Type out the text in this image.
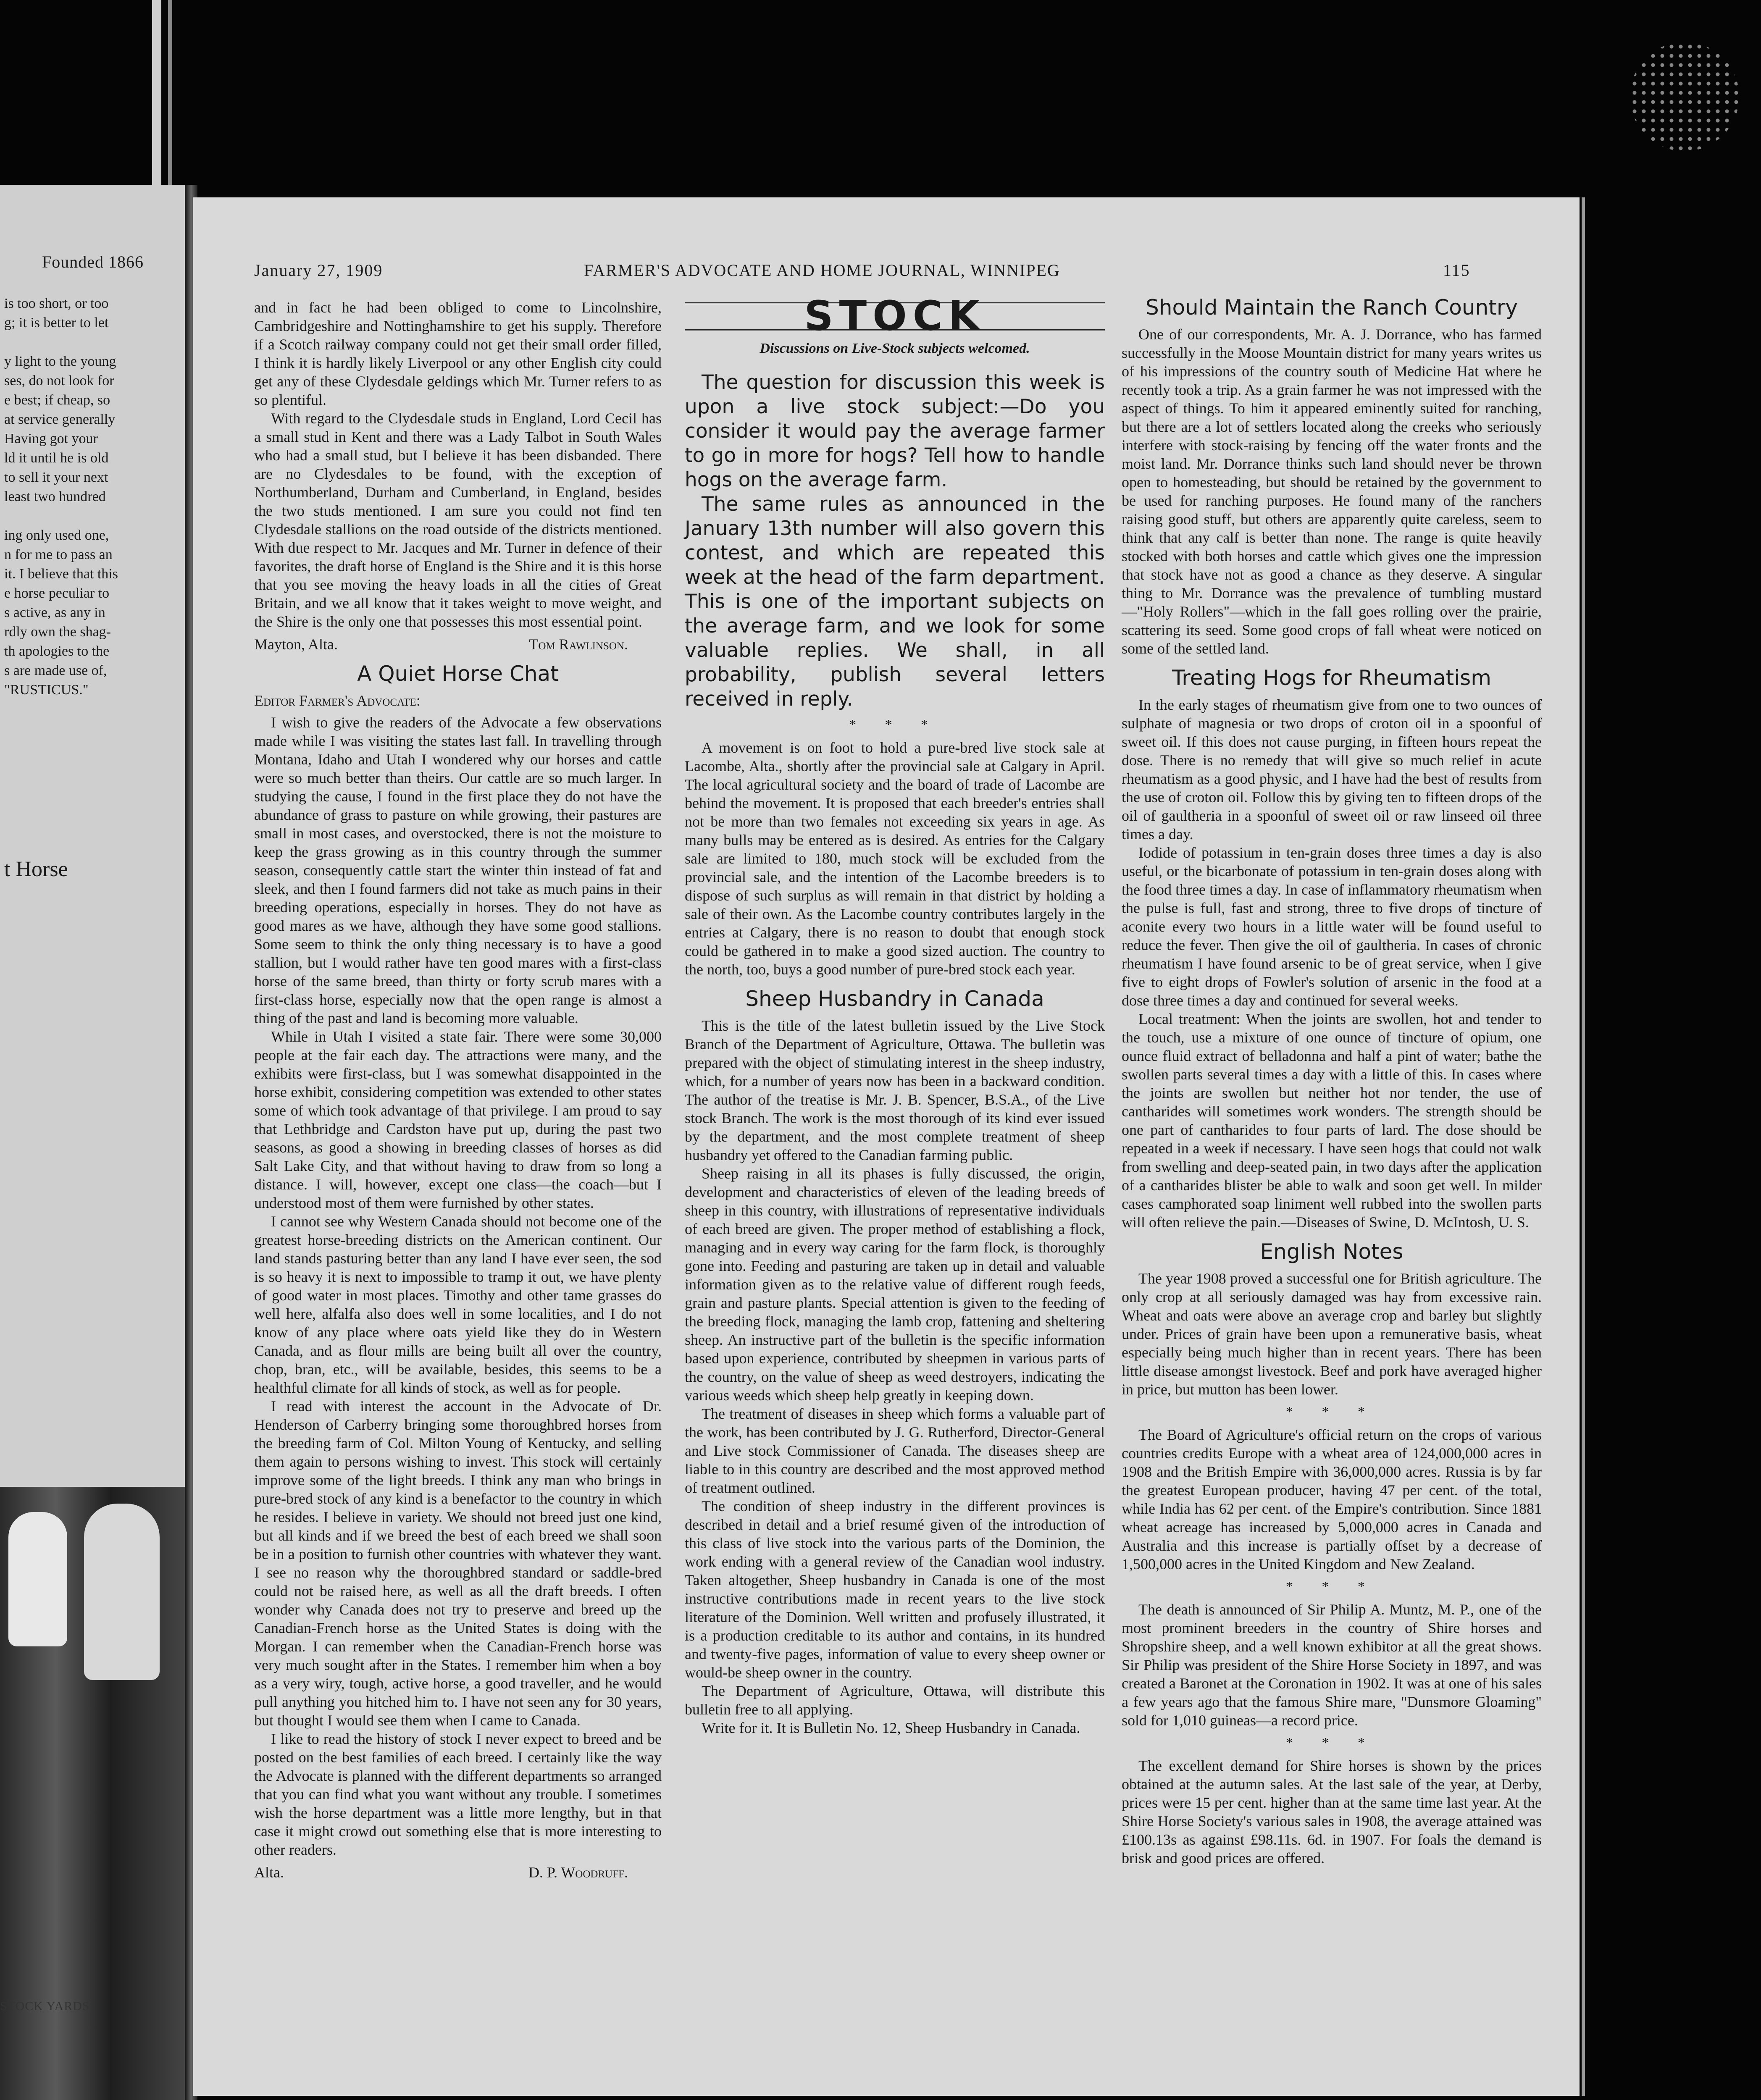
Founded 1866
is too short, or too
g; it is better to let

y light to the young
ses, do not look for
e best; if cheap, so
at service generally
Having got your
ld it until he is old
to sell it your next
least two hundred

ing only used one,
n for me to pass an
it. I believe that this
e horse peculiar to
s active, as any in
rdly own the shag-
th apologies to the
s are made use of,
"RUSTICUS."
t Horse
STOCK YARDS
January 27, 1909	FARMER'S ADVOCATE AND HOME JOURNAL, WINNIPEG	115

and in fact he had been obliged to come to Lincolnshire, Cambridgeshire and Nottinghamshire to get his supply. Therefore if a Scotch railway company could not get their small order filled, I think it is hardly likely Liverpool or any other English city could get any of these Clydesdale geldings which Mr. Turner refers to as so plentiful.

With regard to the Clydesdale studs in England, Lord Cecil has a small stud in Kent and there was a Lady Talbot in South Wales who had a small stud, but I believe it has been disbanded. There are no Clydesdales to be found, with the exception of Northumberland, Durham and Cumberland, in England, besides the two studs mentioned. I am sure you could not find ten Clydesdale stallions on the road outside of the districts mentioned. With due respect to Mr. Jacques and Mr. Turner in defence of their favorites, the draft horse of England is the Shire and it is this horse that you see moving the heavy loads in all the cities of Great Britain, and we all know that it takes weight to move weight, and the Shire is the only one that possesses this most essential point.

Mayton, Alta.	Tom Rawlinson.
A Quiet Horse Chat
Editor Farmer's Advocate:

I wish to give the readers of the Advocate a few observations made while I was visiting the states last fall. In travelling through Montana, Idaho and Utah I wondered why our horses and cattle were so much better than theirs. Our cattle are so much larger. In studying the cause, I found in the first place they do not have the abundance of grass to pasture on while growing, their pastures are small in most cases, and overstocked, there is not the moisture to keep the grass growing as in this country through the summer season, consequently cattle start the winter thin instead of fat and sleek, and then I found farmers did not take as much pains in their breeding operations, especially in horses. They do not have as good mares as we have, although they have some good stallions. Some seem to think the only thing necessary is to have a good stallion, but I would rather have ten good mares with a first-class horse of the same breed, than thirty or forty scrub mares with a first-class horse, especially now that the open range is almost a thing of the past and land is becoming more valuable.

While in Utah I visited a state fair. There were some 30,000 people at the fair each day. The attractions were many, and the exhibits were first-class, but I was somewhat disappointed in the horse exhibit, considering competition was extended to other states some of which took advantage of that privilege. I am proud to say that Lethbridge and Cardston have put up, during the past two seasons, as good a showing in breeding classes of horses as did Salt Lake City, and that without having to draw from so long a distance. I will, however, except one class—the coach—but I understood most of them were furnished by other states.

I cannot see why Western Canada should not become one of the greatest horse-breeding districts on the American continent. Our land stands pasturing better than any land I have ever seen, the sod is so heavy it is next to impossible to tramp it out, we have plenty of good water in most places. Timothy and other tame grasses do well here, alfalfa also does well in some localities, and I do not know of any place where oats yield like they do in Western Canada, and as flour mills are being built all over the country, chop, bran, etc., will be available, besides, this seems to be a healthful climate for all kinds of stock, as well as for people.

I read with interest the account in the Advocate of Dr. Henderson of Carberry bringing some thoroughbred horses from the breeding farm of Col. Milton Young of Kentucky, and selling them again to persons wishing to invest. This stock will certainly improve some of the light breeds. I think any man who brings in pure-bred stock of any kind is a benefactor to the country in which he resides. I believe in variety. We should not breed just one kind, but all kinds and if we breed the best of each breed we shall soon be in a position to furnish other countries with whatever they want. I see no reason why the thoroughbred standard or saddle-bred could not be raised here, as well as all the draft breeds. I often wonder why Canada does not try to preserve and breed up the Canadian-French horse as the United States is doing with the Morgan. I can remember when the Canadian-French horse was very much sought after in the States. I remember him when a boy as a very wiry, tough, active horse, a good traveller, and he would pull anything you hitched him to. I have not seen any for 30 years, but thought I would see them when I came to Canada.

I like to read the history of stock I never expect to breed and be posted on the best families of each breed. I certainly like the way the Advocate is planned with the different departments so arranged that you can find what you want without any trouble. I sometimes wish the horse department was a little more lengthy, but in that case it might crowd out something else that is more interesting to other readers.

Alta.	D. P. Woodruff.
STOCK
Discussions on Live-Stock subjects welcomed.

The question for discussion this week is upon a live stock subject:—Do you consider it would pay the average farmer to go in more for hogs? Tell how to handle hogs on the average farm.

The same rules as announced in the January 13th number will also govern this contest, and which are repeated this week at the head of the farm department. This is one of the important subjects on the average farm, and we look for some valuable replies. We shall, in all probability, publish several letters received in reply.

* * *

A movement is on foot to hold a pure-bred live stock sale at Lacombe, Alta., shortly after the provincial sale at Calgary in April. The local agricultural society and the board of trade of Lacombe are behind the movement. It is proposed that each breeder's entries shall not be more than two females not exceeding six years in age. As many bulls may be entered as is desired. As entries for the Calgary sale are limited to 180, much stock will be excluded from the provincial sale, and the intention of the Lacombe breeders is to dispose of such surplus as will remain in that district by holding a sale of their own. As the Lacombe country contributes largely in the entries at Calgary, there is no reason to doubt that enough stock could be gathered in to make a good sized auction. The country to the north, too, buys a good number of pure-bred stock each year.

Sheep Husbandry in Canada

This is the title of the latest bulletin issued by the Live Stock Branch of the Department of Agriculture, Ottawa. The bulletin was prepared with the object of stimulating interest in the sheep industry, which, for a number of years now has been in a backward condition. The author of the treatise is Mr. J. B. Spencer, B.S.A., of the Live stock Branch. The work is the most thorough of its kind ever issued by the department, and the most complete treatment of sheep husbandry yet offered to the Canadian farming public.

Sheep raising in all its phases is fully discussed, the origin, development and characteristics of eleven of the leading breeds of sheep in this country, with illustrations of representative individuals of each breed are given. The proper method of establishing a flock, managing and in every way caring for the farm flock, is thoroughly gone into. Feeding and pasturing are taken up in detail and valuable information given as to the relative value of different rough feeds, grain and pasture plants. Special attention is given to the feeding of the breeding flock, managing the lamb crop, fattening and sheltering sheep. An instructive part of the bulletin is the specific information based upon experience, contributed by sheepmen in various parts of the country, on the value of sheep as weed destroyers, indicating the various weeds which sheep help greatly in keeping down.

The treatment of diseases in sheep which forms a valuable part of the work, has been contributed by J. G. Rutherford, Director-General and Live stock Commissioner of Canada. The diseases sheep are liable to in this country are described and the most approved method of treatment outlined.

The condition of sheep industry in the different provinces is described in detail and a brief resumé given of the introduction of this class of live stock into the various parts of the Dominion, the work ending with a general review of the Canadian wool industry. Taken altogether, Sheep husbandry in Canada is one of the most instructive contributions made in recent years to the live stock literature of the Dominion. Well written and profusely illustrated, it is a production creditable to its author and contains, in its hundred and twenty-five pages, information of value to every sheep owner or would-be sheep owner in the country.

The Department of Agriculture, Ottawa, will distribute this bulletin free to all applying.

Write for it. It is Bulletin No. 12, Sheep Husbandry in Canada.

Should Maintain the Ranch Country

One of our correspondents, Mr. A. J. Dorrance, who has farmed successfully in the Moose Mountain district for many years writes us of his impressions of the country south of Medicine Hat where he recently took a trip. As a grain farmer he was not impressed with the aspect of things. To him it appeared eminently suited for ranching, but there are a lot of settlers located along the creeks who seriously interfere with stock-raising by fencing off the water fronts and the moist land. Mr. Dorrance thinks such land should never be thrown open to homesteading, but should be retained by the government to be used for ranching purposes. He found many of the ranchers raising good stuff, but others are apparently quite careless, seem to think that any calf is better than none. The range is quite heavily stocked with both horses and cattle which gives one the impression that stock have not as good a chance as they deserve. A singular thing to Mr. Dorrance was the prevalence of tumbling mustard—"Holy Rollers"—which in the fall goes rolling over the prairie, scattering its seed. Some good crops of fall wheat were noticed on some of the settled land.

Treating Hogs for Rheumatism

In the early stages of rheumatism give from one to two ounces of sulphate of magnesia or two drops of croton oil in a spoonful of sweet oil. If this does not cause purging, in fifteen hours repeat the dose. There is no remedy that will give so much relief in acute rheumatism as a good physic, and I have had the best of results from the use of croton oil. Follow this by giving ten to fifteen drops of the oil of gaultheria in a spoonful of sweet oil or raw linseed oil three times a day.

Iodide of potassium in ten-grain doses three times a day is also useful, or the bicarbonate of potassium in ten-grain doses along with the food three times a day. In case of inflammatory rheumatism when the pulse is full, fast and strong, three to five drops of tincture of aconite every two hours in a little water will be found useful to reduce the fever. Then give the oil of gaultheria. In cases of chronic rheumatism I have found arsenic to be of great service, when I give five to eight drops of Fowler's solution of arsenic in the food at a dose three times a day and continued for several weeks.

Local treatment: When the joints are swollen, hot and tender to the touch, use a mixture of one ounce of tincture of opium, one ounce fluid extract of belladonna and half a pint of water; bathe the swollen parts several times a day with a little of this. In cases where the joints are swollen but neither hot nor tender, the use of cantharides will sometimes work wonders. The strength should be one part of cantharides to four parts of lard. The dose should be repeated in a week if necessary. I have seen hogs that could not walk from swelling and deep-seated pain, in two days after the application of a cantharides blister be able to walk and soon get well. In milder cases camphorated soap liniment well rubbed into the swollen parts will often relieve the pain.—Diseases of Swine, D. McIntosh, U. S.

English Notes

The year 1908 proved a successful one for British agriculture. The only crop at all seriously damaged was hay from excessive rain. Wheat and oats were above an average crop and barley but slightly under. Prices of grain have been upon a remunerative basis, wheat especially being much higher than in recent years. There has been little disease amongst livestock. Beef and pork have averaged higher in price, but mutton has been lower.

* * *

The Board of Agriculture's official return on the crops of various countries credits Europe with a wheat area of 124,000,000 acres in 1908 and the British Empire with 36,000,000 acres. Russia is by far the greatest European producer, having 47 per cent. of the total, while India has 62 per cent. of the Empire's contribution. Since 1881 wheat acreage has increased by 5,000,000 acres in Canada and Australia and this increase is partially offset by a decrease of 1,500,000 acres in the United Kingdom and New Zealand.

* * *

The death is announced of Sir Philip A. Muntz, M. P., one of the most prominent breeders in the country of Shire horses and Shropshire sheep, and a well known exhibitor at all the great shows. Sir Philip was president of the Shire Horse Society in 1897, and was created a Baronet at the Coronation in 1902. It was at one of his sales a few years ago that the famous Shire mare, "Dunsmore Gloaming" sold for 1,010 guineas—a record price.

* * *

The excellent demand for Shire horses is shown by the prices obtained at the autumn sales. At the last sale of the year, at Derby, prices were 15 per cent. higher than at the same time last year. At the Shire Horse Society's various sales in 1908, the average attained was £100.13s as against £98.11s. 6d. in 1907. For foals the demand is brisk and good prices are offered.
